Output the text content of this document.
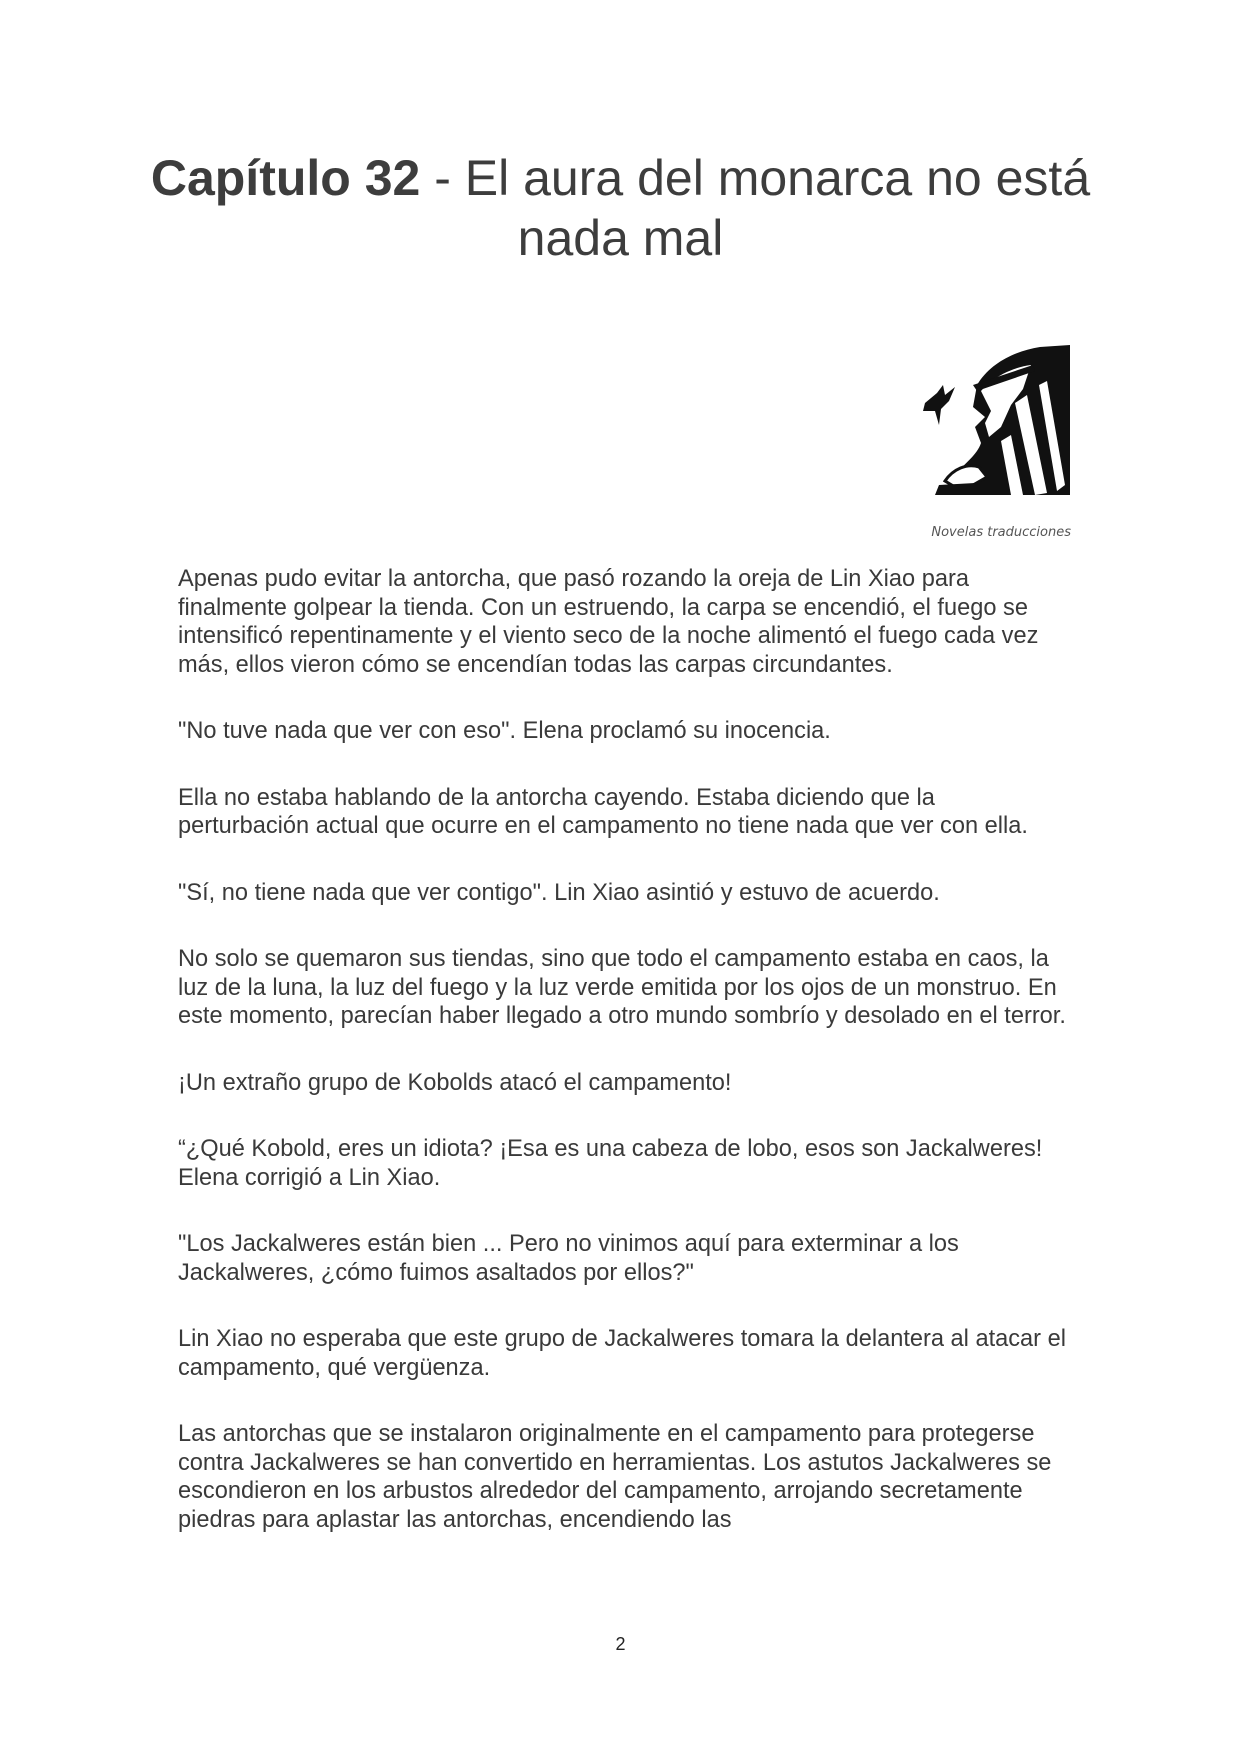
Capítulo 32 - El aura del monarca no está nada mal
Novelas traducciones

Apenas pudo evitar la antorcha, que pasó rozando la oreja de Lin Xiao para finalmente golpear la tienda. Con un estruendo, la carpa se encendió, el fuego se intensificó repentinamente y el viento seco de la noche alimentó el fuego cada vez más, ellos vieron cómo se encendían todas las carpas circundantes.

"No tuve nada que ver con eso". Elena proclamó su inocencia.

Ella no estaba hablando de la antorcha cayendo. Estaba diciendo que la perturbación actual que ocurre en el campamento no tiene nada que ver con ella.

"Sí, no tiene nada que ver contigo". Lin Xiao asintió y estuvo de acuerdo.

No solo se quemaron sus tiendas, sino que todo el campamento estaba en caos, la luz de la luna, la luz del fuego y la luz verde emitida por los ojos de un monstruo. En este momento, parecían haber llegado a otro mundo sombrío y desolado en el terror.

¡Un extraño grupo de Kobolds atacó el campamento!

“¿Qué Kobold, eres un idiota? ¡Esa es una cabeza de lobo, esos son Jackalweres! Elena corrigió a Lin Xiao.

"Los Jackalweres están bien ... Pero no vinimos aquí para exterminar a los Jackalweres, ¿cómo fuimos asaltados por ellos?"

Lin Xiao no esperaba que este grupo de Jackalweres tomara la delantera al atacar el campamento, qué vergüenza.

Las antorchas que se instalaron originalmente en el campamento para protegerse contra Jackalweres se han convertido en herramientas. Los astutos Jackalweres se escondieron en los arbustos alrededor del campamento, arrojando secretamente piedras para aplastar las antorchas, encendiendo las

2
